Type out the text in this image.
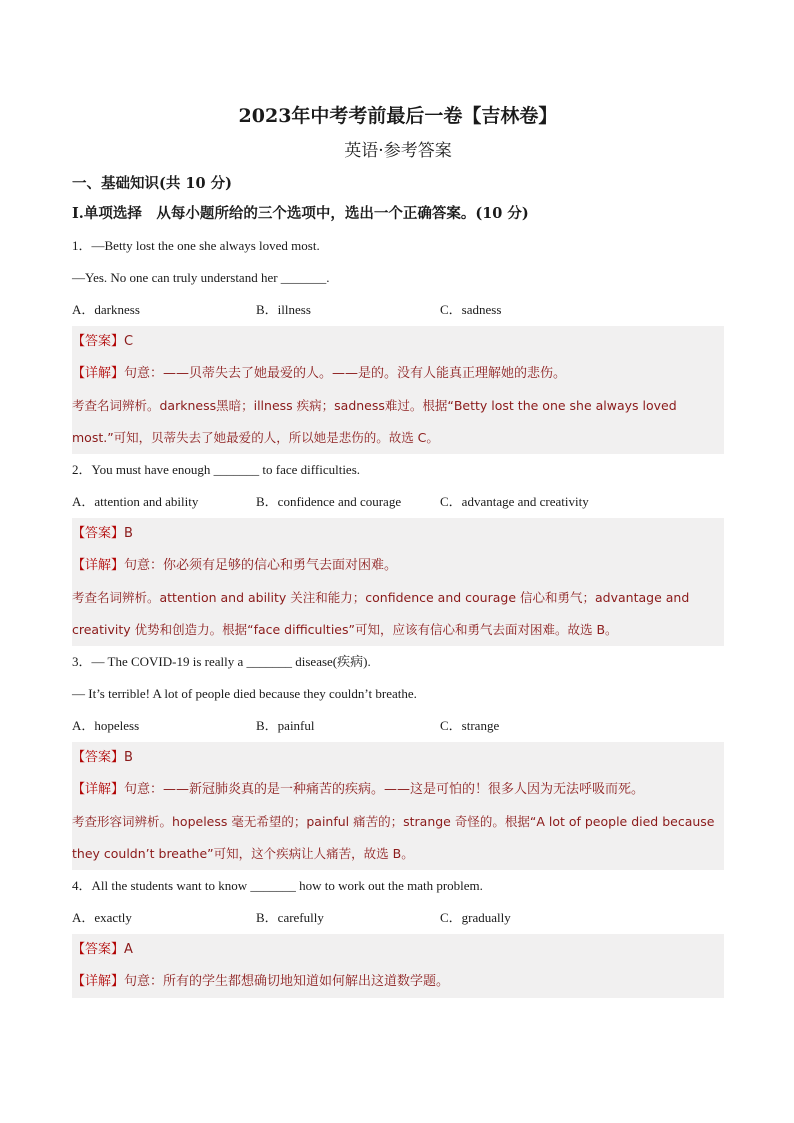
2023年中考考前最后一卷【吉林卷】

英语·参考答案

一、基础知识(共 10 分)

I.单项选择　从每小题所给的三个选项中，选出一个正确答案。(10 分)

1．—Betty lost the one she always loved most.

—Yes. No one can truly understand her _______.

A．darkness	B．illness	C．sadness

【答案】C

【详解】句意：——贝蒂失去了她最爱的人。——是的。没有人能真正理解她的悲伤。

考查名词辨析。darkness黑暗；illness 疾病；sadness难过。根据“Betty lost the one she always loved most.”可知，贝蒂失去了她最爱的人，所以她是悲伤的。故选 C。

2．You must have enough _______ to face difficulties.

A．attention and ability	B．confidence and courage	C．advantage and creativity

【答案】B

【详解】句意：你必须有足够的信心和勇气去面对困难。

考查名词辨析。attention and ability 关注和能力；confidence and courage 信心和勇气；advantage and creativity 优势和创造力。根据“face difficulties”可知，应该有信心和勇气去面对困难。故选 B。

3．— The COVID-19 is really a _______ disease(疾病).

— It’s terrible! A lot of people died because they couldn’t breathe.

A．hopeless	B．painful	C．strange

【答案】B

【详解】句意：——新冠肺炎真的是一种痛苦的疾病。——这是可怕的！很多人因为无法呼吸而死。

考查形容词辨析。hopeless 毫无希望的；painful 痛苦的；strange 奇怪的。根据“A lot of people died because they couldn’t breathe”可知，这个疾病让人痛苦，故选 B。

4．All the students want to know _______ how to work out the math problem.

A．exactly	B．carefully	C．gradually

【答案】A

【详解】句意：所有的学生都想确切地知道如何解出这道数学题。
